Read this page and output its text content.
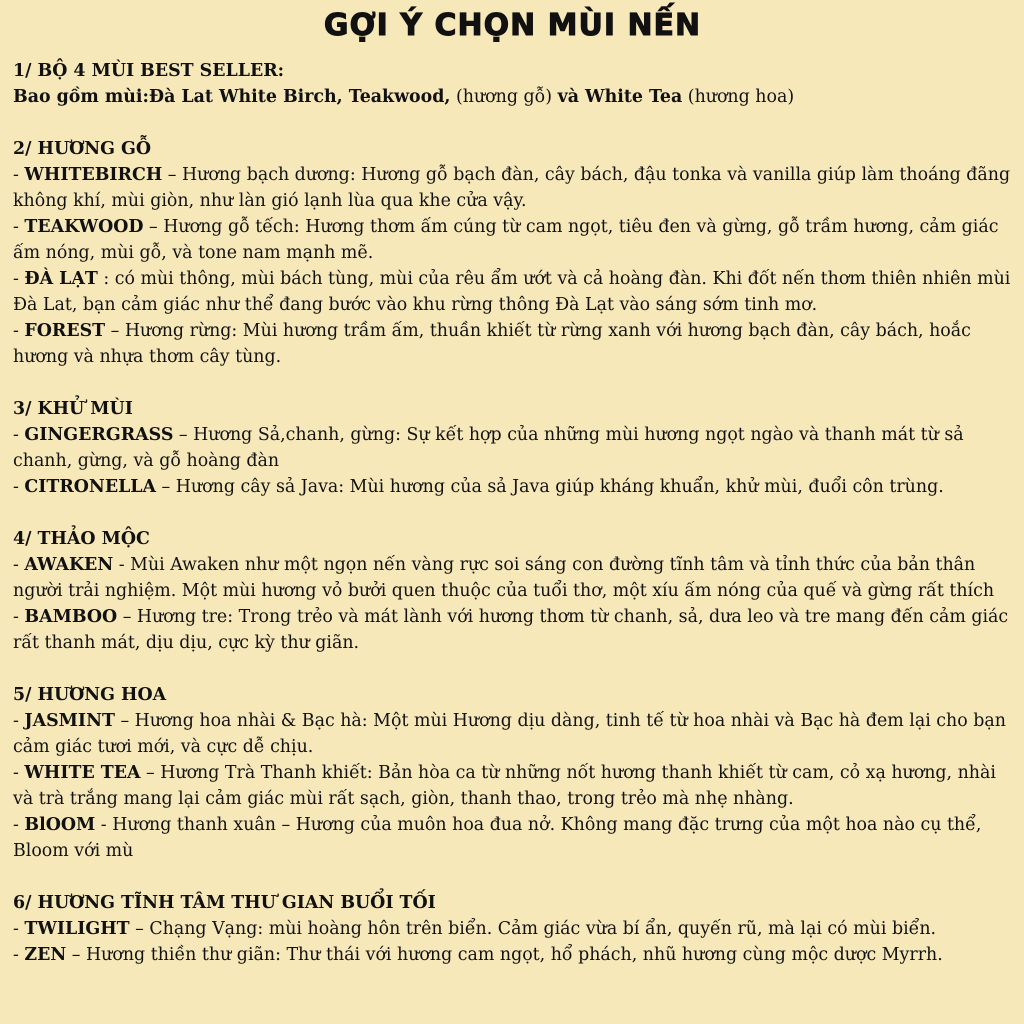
GỢI Ý CHỌN MÙI NẾN
1/ BỘ 4 MÙI BEST SELLER:
Bao gồm mùi:Đà Lat White Birch, Teakwood, (hương gỗ) và White Tea (hương hoa)
2/ HƯƠNG GỖ
- WHITEBIRCH – Hương bạch dương: Hương gỗ bạch đàn, cây bách, đậu tonka và vanilla giúp làm thoáng đãng không khí, mùi giòn, như làn gió lạnh lùa qua khe cửa vậy.
- TEAKWOOD – Hương gỗ tếch: Hương thơm ấm cúng từ cam ngọt, tiêu đen và gừng, gỗ trầm hương, cảm giác ấm nóng, mùi gỗ, và tone nam mạnh mẽ.
- ĐÀ LẠT : có mùi thông, mùi bách tùng, mùi của rêu ẩm ướt và cả hoàng đàn. Khi đốt nến thơm thiên nhiên mùi Đà Lat, bạn cảm giác như thể đang bước vào khu rừng thông Đà Lạt vào sáng sớm tinh mơ.
- FOREST – Hương rừng: Mùi hương trầm ấm, thuần khiết từ rừng xanh với hương bạch đàn, cây bách, hoắc hương và nhựa thơm cây tùng.
3/ KHỬ MÙI
- GINGERGRASS – Hương Sả,chanh, gừng: Sự kết hợp của những mùi hương ngọt ngào và thanh mát từ sả chanh, gừng, và gỗ hoàng đàn
- CITRONELLA – Hương cây sả Java: Mùi hương của sả Java giúp kháng khuẩn, khử mùi, đuổi côn trùng.
4/ THẢO MỘC
- AWAKEN - Mùi Awaken như một ngọn nến vàng rực soi sáng con đường tĩnh tâm và tỉnh thức của bản thân người trải nghiệm. Một mùi hương vỏ bưởi quen thuộc của tuổi thơ, một xíu ấm nóng của quế và gừng rất thích
- BAMBOO – Hương tre: Trong trẻo và mát lành với hương thơm từ chanh, sả, dưa leo và tre mang đến cảm giác rất thanh mát, dịu dịu, cực kỳ thư giãn.
5/ HƯƠNG HOA
- JASMINT – Hương hoa nhài & Bạc hà: Một mùi Hương dịu dàng, tinh tế từ hoa nhài và Bạc hà đem lại cho bạn cảm giác tươi mới, và cực dễ chịu.
- WHITE TEA – Hương Trà Thanh khiết: Bản hòa ca từ những nốt hương thanh khiết từ cam, cỏ xạ hương, nhài và trà trắng mang lại cảm giác mùi rất sạch, giòn, thanh thao, trong trẻo mà nhẹ nhàng.
- BlOOM - Hương thanh xuân – Hương của muôn hoa đua nở. Không mang đặc trưng của một hoa nào cụ thể, Bloom với mù
6/ HƯƠNG TĨNH TÂM THƯ GIAN BUỔI TỐI
- TWILIGHT – Chạng Vạng: mùi hoàng hôn trên biển. Cảm giác vừa bí ẩn, quyến rũ, mà lại có mùi biển.
- ZEN – Hương thiền thư giãn: Thư thái với hương cam ngọt, hổ phách, nhũ hương cùng mộc dược Myrrh.
